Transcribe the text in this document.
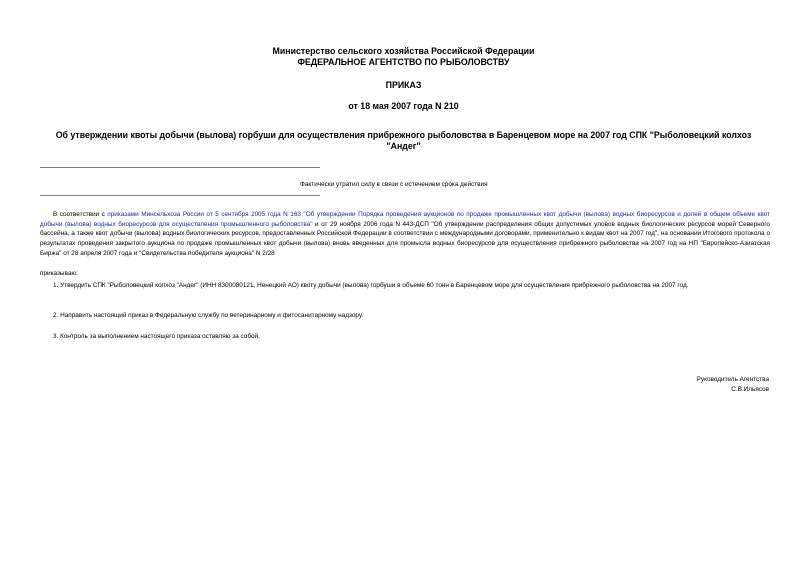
Министерство сельского хозяйства Российской Федерации
ФЕДЕРАЛЬНОЕ АГЕНТСТВО ПО РЫБОЛОВСТВУ
ПРИКАЗ
от 18 мая 2007 года N 210
Об утверждении квоты добычи (вылова) горбуши для осуществления прибрежного рыболовства в Баренцевом море на 2007 год СПК "Рыболовецкий колхоз "Андег"
Фактически утратил силу в связи с истечением срока действия
В соответствии с приказами Минсельхоза России от 5 сентября 2005 года N 163 "Об утверждении Порядка проведения аукционов по продаже промышленных квот добычи (вылова) водных биоресурсов и долей в общем объеме квот добычи (вылова) водных биоресурсов для осуществления промышленного рыболовства" и от 29 ноября 2006 года N 443-ДСП "Об утверждении распределения общих допустимых уловов водных биологических ресурсов морей Северного бассейна, а также квот добычи (вылова) водных биологических ресурсов, предоставленных Российской Федерации в соответствии с международными договорами, применительно к видам квот на 2007 год", на основании Итогового протокола о результатах проведения закрытого аукциона по продаже промышленных квот добычи (вылова) вновь введенных для промысла водных биоресурсов для осуществления прибрежного рыболовства на 2007 год на НП "Европейско-Азиатская Биржа" от 28 апреля 2007 года и "Свидетельства победителя аукциона" N 2/28
приказываю:
1. Утвердить СПК "Рыболовецкий колхоз "Андег" (ИНН 8300080121, Ненецкий АО) квоту добычи (вылова) горбуши в объеме 60 тонн в Баренцевом море для осуществления прибрежного рыболовства на 2007 год.
2. Направить настоящий приказ в Федеральную службу по ветеринарному и фитосанитарному надзору.
3. Контроль за выполнением настоящего приказа оставляю за собой.
Руководитель Агентства
С.В.Ильясов
